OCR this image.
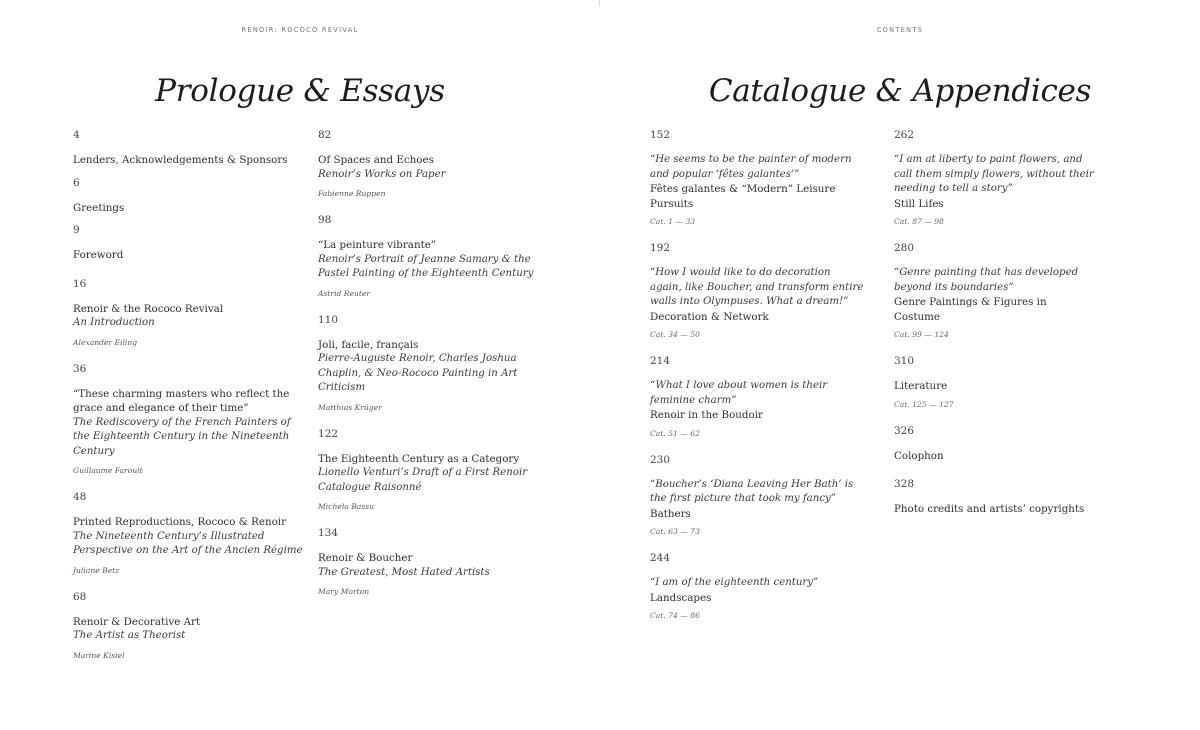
RENOIR: ROCOCO REVIVAL
Prologue & Essays
4
Lenders, Acknowledgements & Sponsors
6
Greetings
9
Foreword
16
Renoir & the Rococo Revival
An Introduction
Alexander Eiling
36
“These charming masters who reflect the grace and elegance of their time”
The Rediscovery of the French Painters of the Eighteenth Century in the Nineteenth Century
Guillaume Faroult
48
Printed Reproductions, Rococo & Renoir
The Nineteenth Century’s Illustrated Perspective on the Art of the Ancien Régime
Juliane Betz
68
Renoir & Decorative Art
The Artist as Theorist
Marine Kisiel
82
Of Spaces and Echoes
Renoir’s Works on Paper
Fabienne Ruppen
98
“La peinture vibrante”
Renoir’s Portrait of Jeanne Samary & the Pastel Painting of the Eighteenth Century
Astrid Reuter
110
Joli, facile, français
Pierre-Auguste Renoir, Charles Joshua Chaplin, & Neo-Rococo Painting in Art Criticism
Matthias Krüger
122
The Eighteenth Century as a Category
Lionello Venturi’s Draft of a First Renoir Catalogue Raisonné
Michela Bassu
134
Renoir & Boucher
The Greatest, Most Hated Artists
Mary Morton
CONTENTS
Catalogue & Appendices
152
“He seems to be the painter of modern and popular ‘fêtes galantes’”
Fêtes galantes & “Modern” Leisure Pursuits
Cat. 1 — 33
192
“How I would like to do decoration again, like Boucher, and transform entire walls into Olympuses. What a dream!”
Decoration & Network
Cat. 34 — 50
214
“What I love about women is their feminine charm”
Renoir in the Boudoir
Cat. 51 — 62
230
“Boucher’s ‘Diana Leaving Her Bath’ is the first picture that took my fancy”
Bathers
Cat. 63 — 73
244
“I am of the eighteenth century”
Landscapes
Cat. 74 — 86
262
“I am at liberty to paint flowers, and call them simply flowers, without their needing to tell a story”
Still Lifes
Cat. 87 — 98
280
“Genre painting that has developed beyond its boundaries”
Genre Paintings & Figures in Costume
Cat. 99 — 124
310
Literature
Cat. 125 — 127
326
Colophon
328
Photo credits and artists’ copyrights
